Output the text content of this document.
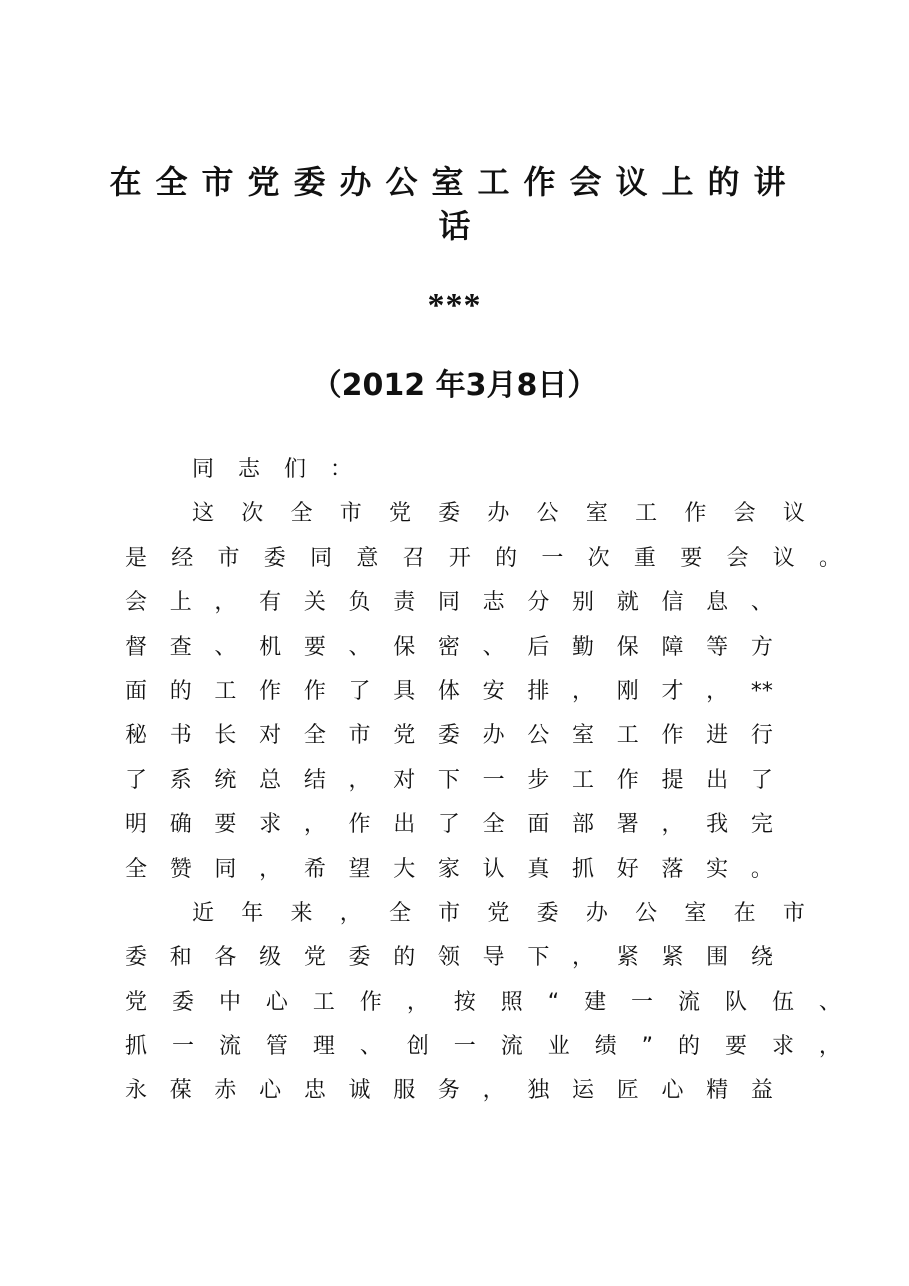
在全市党委办公室工作会议上的讲
话
***
（2012 年3月8日）
同志们：
这 次 全 市 党 委 办 公 室 工 作 会 议
是 经 市 委 同 意 召 开 的 一 次 重 要 会 议 。
会 上 ， 有 关 负 责 同 志 分 别 就 信 息 、
督 查 、 机 要 、 保 密 、 后 勤 保 障 等 方
面 的 工 作 作 了 具 体 安 排 ， 刚 才 ， **
秘 书 长 对 全 市 党 委 办 公 室 工 作 进 行
了 系 统 总 结 ， 对 下 一 步 工 作 提 出 了
明 确 要 求 ， 作 出 了 全 面 部 署 ， 我 完
全 赞 同 ， 希 望 大 家 认 真 抓 好 落 实 。
近 年 来 ， 全 市 党 委 办 公 室 在 市
委 和 各 级 党 委 的 领 导 下 ， 紧 紧 围 绕
党 委 中 心 工 作 ， 按 照 “ 建 一 流 队 伍 、
抓 一 流 管 理 、 创 一 流 业 绩 ” 的 要 求 ，
永 葆 赤 心 忠 诚 服 务 ， 独 运 匠 心 精 益
